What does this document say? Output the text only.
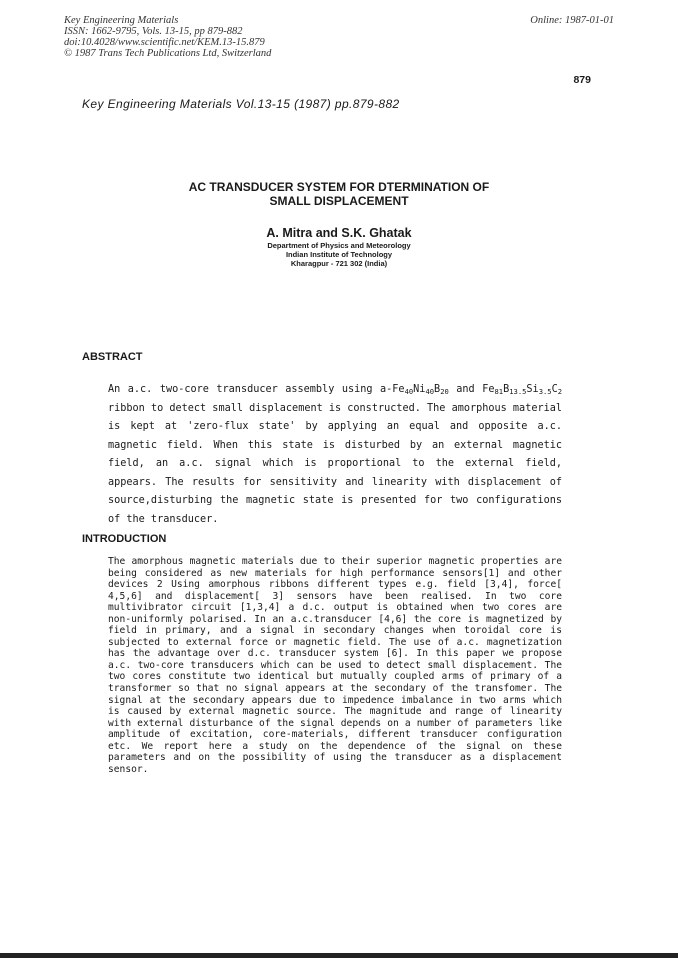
Key Engineering Materials
ISSN: 1662-9795, Vols. 13-15, pp 879-882
doi:10.4028/www.scientific.net/KEM.13-15.879
© 1987 Trans Tech Publications Ltd, Switzerland
Online: 1987-01-01
879
Key Engineering Materials Vol.13-15 (1987) pp.879-882
AC TRANSDUCER SYSTEM FOR DTERMINATION OF
SMALL DISPLACEMENT
A. Mitra and S.K. Ghatak
Department of Physics and Meteorology
Indian Institute of Technology
Kharagpur - 721 302 (India)
ABSTRACT
An a.c. two-core transducer assembly using $a-Fe_{40}Ni_{40}B_{20}$ and $Fe_{81}B_{13.5}Si_{3.5}C_2$ ribbon to detect small displacement is constructed. The amorphous material is kept at 'zero-flux state' by applying an equal and opposite a.c. magnetic field. When this state is disturbed by an external magnetic field, an a.c. signal which is proportional to the external field, appears. The results for sensitivity and linearity with displacement of source,disturbing the magnetic state is presented for two configurations of the transducer.
INTRODUCTION
The amorphous magnetic materials due to their superior magnetic properties are being considered as new materials for high performance sensors[1] and other devices 2 Using amorphous ribbons different types e.g. field [3,4], force[ 4,5,6] and displacement[ 3] sensors have been realised. In two core multivibrator circuit [1,3,4] a d.c. output is obtained when two cores are non-uniformly polarised. In an a.c.transducer [4,6] the core is magnetized by field in primary, and a signal in secondary changes when toroidal core is subjected to external force or magnetic field. The use of a.c. magnetization has the advantage over d.c. transducer system [6]. In this paper we propose a.c. two-core transducers which can be used to detect small displacement. The two cores constitute two identical but mutually coupled arms of primary of a transformer so that no signal appears at the secondary of the transfomer. The signal at the secondary appears due to impedence imbalance in two arms which is caused by external magnetic source. The magnitude and range of linearity with external disturbance of the signal depends on a number of parameters like amplitude of excitation, core-materials, different transducer configuration etc. We report here a study on the dependence of the signal on these parameters and on the possibility of using the transducer as a displacement sensor.
